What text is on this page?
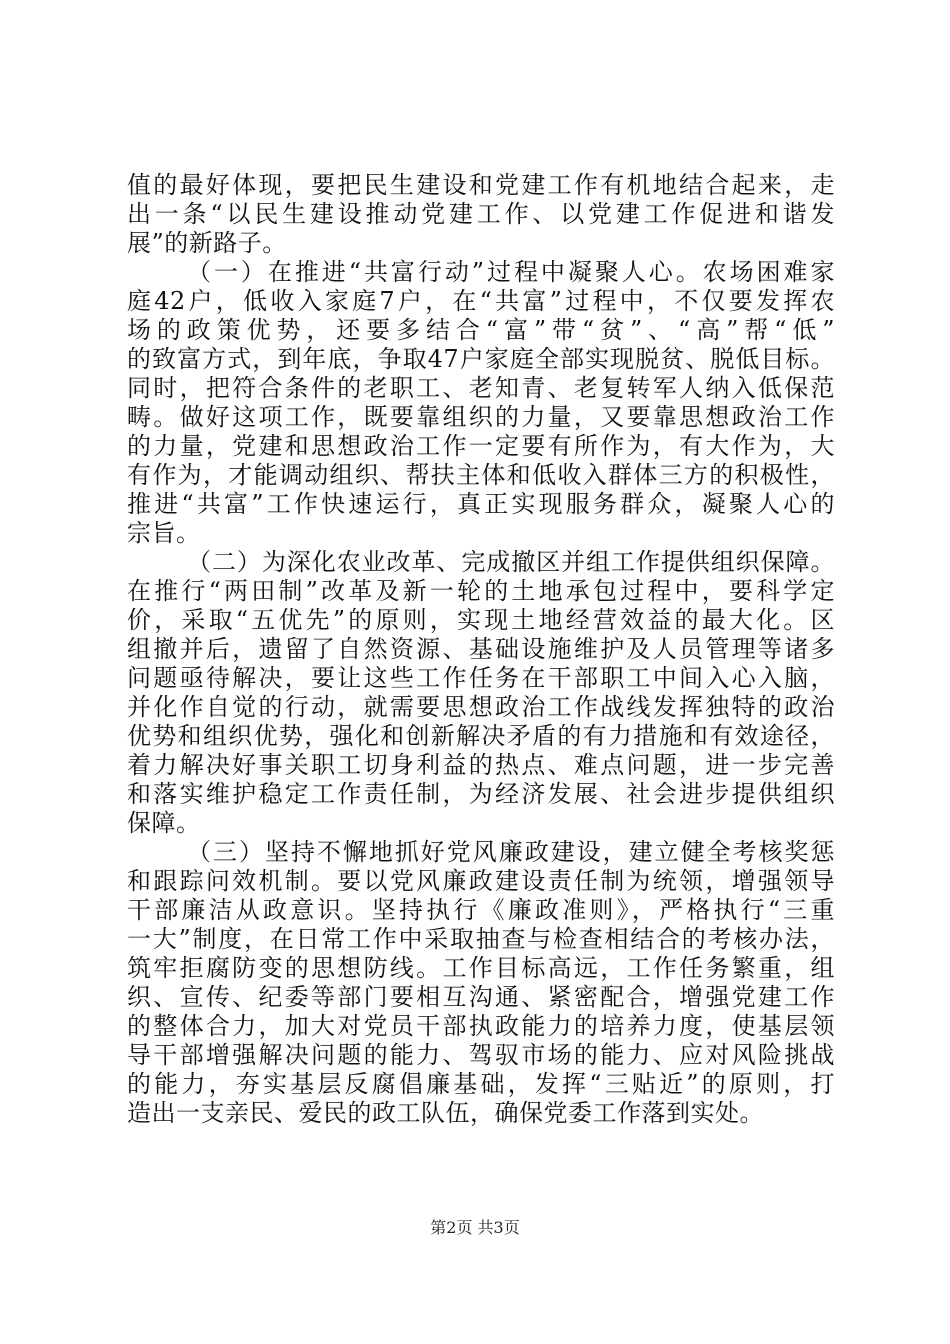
值的最好体现，要把民生建设和党建工作有机地结合起来，走
出一条“以民生建设推动党建工作、以党建工作促进和谐发
展”的新路子。
（一）在推进“共富行动”过程中凝聚人心。农场困难家
庭42户，低收入家庭7户，在“共富”过程中，不仅要发挥农
场的政策优势，还要多结合“富”带“贫”、“高”帮“低”
的致富方式，到年底，争取47户家庭全部实现脱贫、脱低目标。
同时，把符合条件的老职工、老知青、老复转军人纳入低保范
畴。做好这项工作，既要靠组织的力量，又要靠思想政治工作
的力量，党建和思想政治工作一定要有所作为，有大作为，大
有作为，才能调动组织、帮扶主体和低收入群体三方的积极性，
推进“共富”工作快速运行，真正实现服务群众，凝聚人心的
宗旨。
（二）为深化农业改革、完成撤区并组工作提供组织保障。
在推行“两田制”改革及新一轮的土地承包过程中，要科学定
价，采取“五优先”的原则，实现土地经营效益的最大化。区
组撤并后，遗留了自然资源、基础设施维护及人员管理等诸多
问题亟待解决，要让这些工作任务在干部职工中间入心入脑，
并化作自觉的行动，就需要思想政治工作战线发挥独特的政治
优势和组织优势，强化和创新解决矛盾的有力措施和有效途径，
着力解决好事关职工切身利益的热点、难点问题，进一步完善
和落实维护稳定工作责任制，为经济发展、社会进步提供组织
保障。
（三）坚持不懈地抓好党风廉政建设，建立健全考核奖惩
和跟踪问效机制。要以党风廉政建设责任制为统领，增强领导
干部廉洁从政意识。坚持执行《廉政准则》，严格执行“三重
一大”制度，在日常工作中采取抽查与检查相结合的考核办法，
筑牢拒腐防变的思想防线。工作目标高远，工作任务繁重，组
织、宣传、纪委等部门要相互沟通、紧密配合，增强党建工作
的整体合力，加大对党员干部执政能力的培养力度，使基层领
导干部增强解决问题的能力、驾驭市场的能力、应对风险挑战
的能力，夯实基层反腐倡廉基础，发挥“三贴近”的原则，打
造出一支亲民、爱民的政工队伍，确保党委工作落到实处。
第2页 共3页
